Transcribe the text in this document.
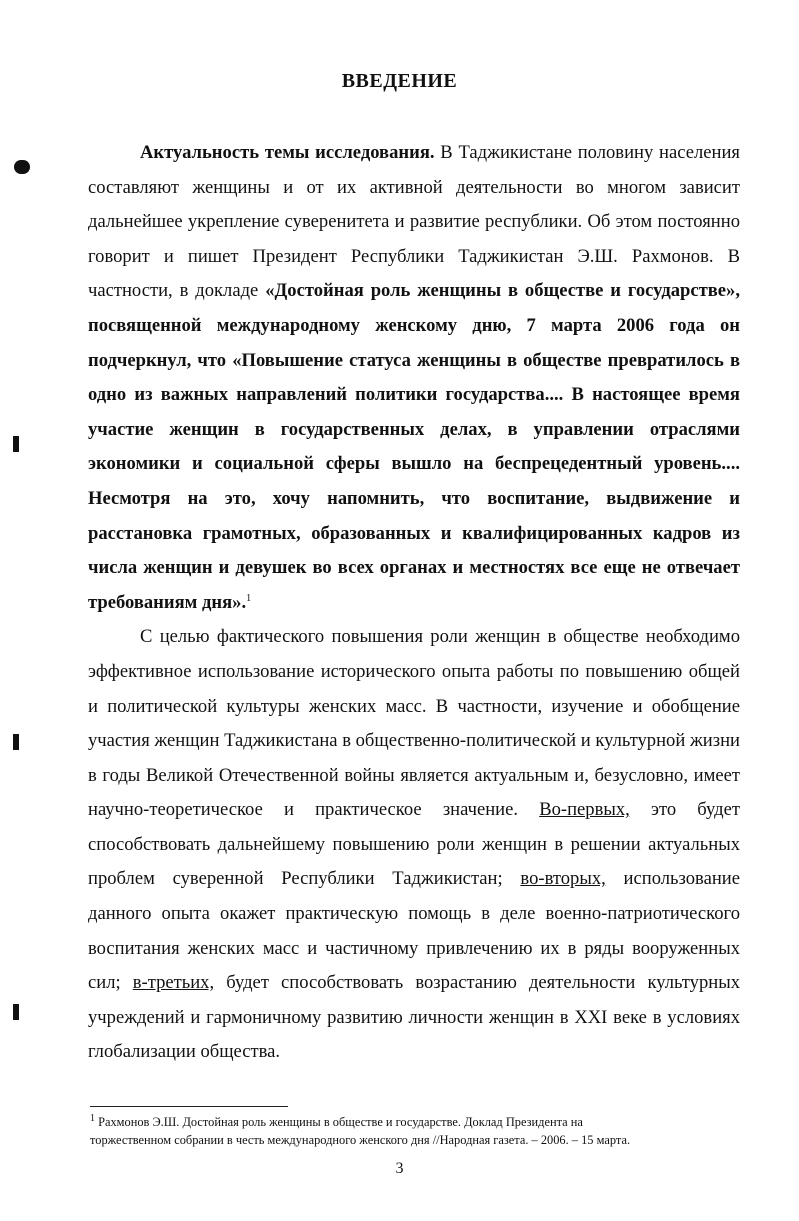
ВВЕДЕНИЕ

Актуальность темы исследования. В Таджикистане половину населения составляют женщины и от их активной деятельности во многом зависит дальнейшее укрепление суверенитета и развитие республики. Об этом постоянно говорит и пишет Президент Республики Таджикистан Э.Ш. Рахмонов. В частности, в докладе «Достойная роль женщины в обществе и государстве», посвященной международному женскому дню, 7 марта 2006 года он подчеркнул, что «Повышение статуса женщины в обществе превратилось в одно из важных направлений политики государства.... В настоящее время участие женщин в государственных делах, в управлении отраслями экономики и социальной сферы вышло на беспрецедентный уровень.... Несмотря на это, хочу напомнить, что воспитание, выдвижение и расстановка грамотных, образованных и квалифицированных кадров из числа женщин и девушек во всех органах и местностях все еще не отвечает требованиям дня».$^1$

С целью фактического повышения роли женщин в обществе необходимо эффективное использование исторического опыта работы по повышению общей и политической культуры женских масс. В частности, изучение и обобщение участия женщин Таджикистана в общественно-политической и культурной жизни в годы Великой Отечественной войны является актуальным и, безусловно, имеет научно-теоретическое и практическое значение. Во-первых, это будет способствовать дальнейшему повышению роли женщин в решении актуальных проблем суверенной Республики Таджикистан; во-вторых, использование данного опыта окажет практическую помощь в деле военно-патриотического воспитания женских масс и частичному привлечению их в ряды вооруженных сил; в-третьих, будет способствовать возрастанию деятельности культурных учреждений и гармоничному развитию личности женщин в XXI веке в условиях глобализации общества.

$^1$ Рахмонов Э.Ш. Достойная роль женщины в обществе и государстве. Доклад Президента на
торжественном собрании в честь международного женского дня //Народная газета. – 2006. – 15 марта.
3
